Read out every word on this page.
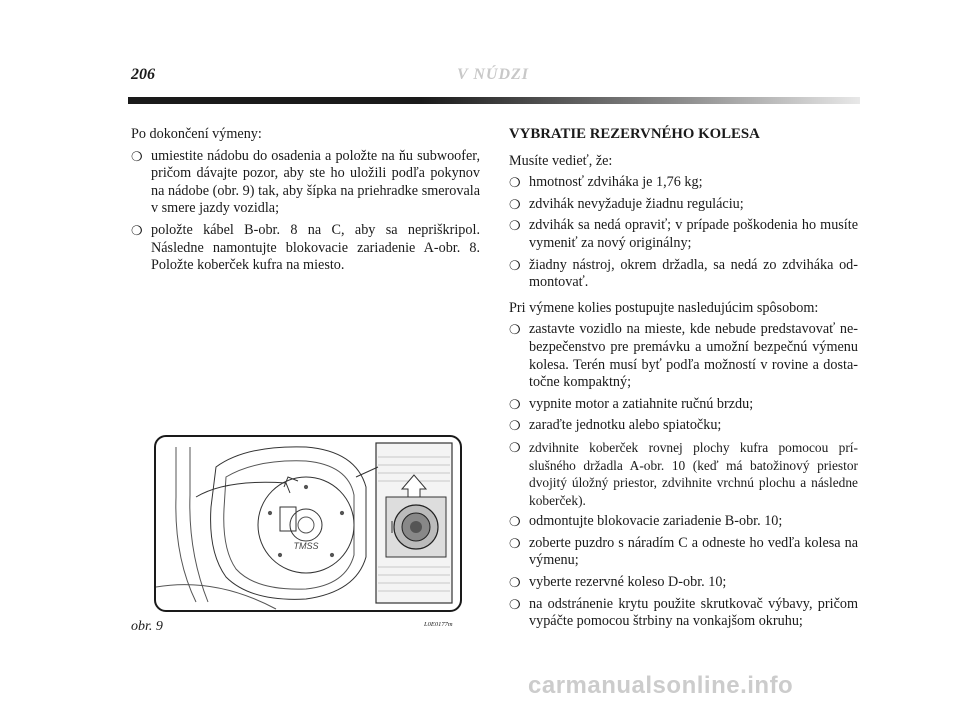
206	V NÚDZI

Po dokončení výmeny:

❍ umiestite nádobu do osadenia a položte na ňu subwoofer, pričom dávajte pozor, aby ste ho uložili podľa pokynov na nádobe (obr. 9) tak, aby šípka na priehradke smerovala v smere jazdy vozidla;
❍ položte kábel B-obr. 8 na C, aby sa nepriškripol. Následne namontujte blokovacie zariadenie A-obr. 8. Položte koberček kufra na miesto.

VYBRATIE REZERVNÉHO KOLESA

Musíte vedieť, že:

❍ hmotnosť zdviháka je 1,76 kg;
❍ zdvihák nevyžaduje žiadnu reguláciu;
❍ zdvihák sa nedá opraviť; v prípade poškodenia ho musíte vymeniť za nový originálny;
❍ žiadny nástroj, okrem držadla, sa nedá zo zdviháka odmontovať.

Pri výmene kolies postupujte nasledujúcim spôsobom:

❍ zastavte vozidlo na mieste, kde nebude predstavovať nebezpečenstvo pre premávku a umožní bezpečnú výmenu kolesa. Terén musí byť podľa možností v rovine a dostatočne kompaktný;
❍ vypnite motor a zatiahnite ručnú brzdu;
❍ zaraďte jednotku alebo spiatočku;
❍ zdvihnite koberček rovnej plochy kufra pomocou príslušného držadla A-obr. 10 (keď má batožinový priestor dvojitý úložný priestor, zdvihnite vrchnú plochu a následne koberček).
❍ odmontujte blokovacie zariadenie B-obr. 10;
❍ zoberte puzdro s náradím C a odneste ho vedľa kolesa na výmenu;
❍ vyberte rezervné koleso D-obr. 10;
❍ na odstránenie krytu použite skrutkovač výbavy, pričom vypáčte pomocou štrbiny na vonkajšom okruhu;
TMSS
obr. 9	L0E0177m
carmanualsonline.info
